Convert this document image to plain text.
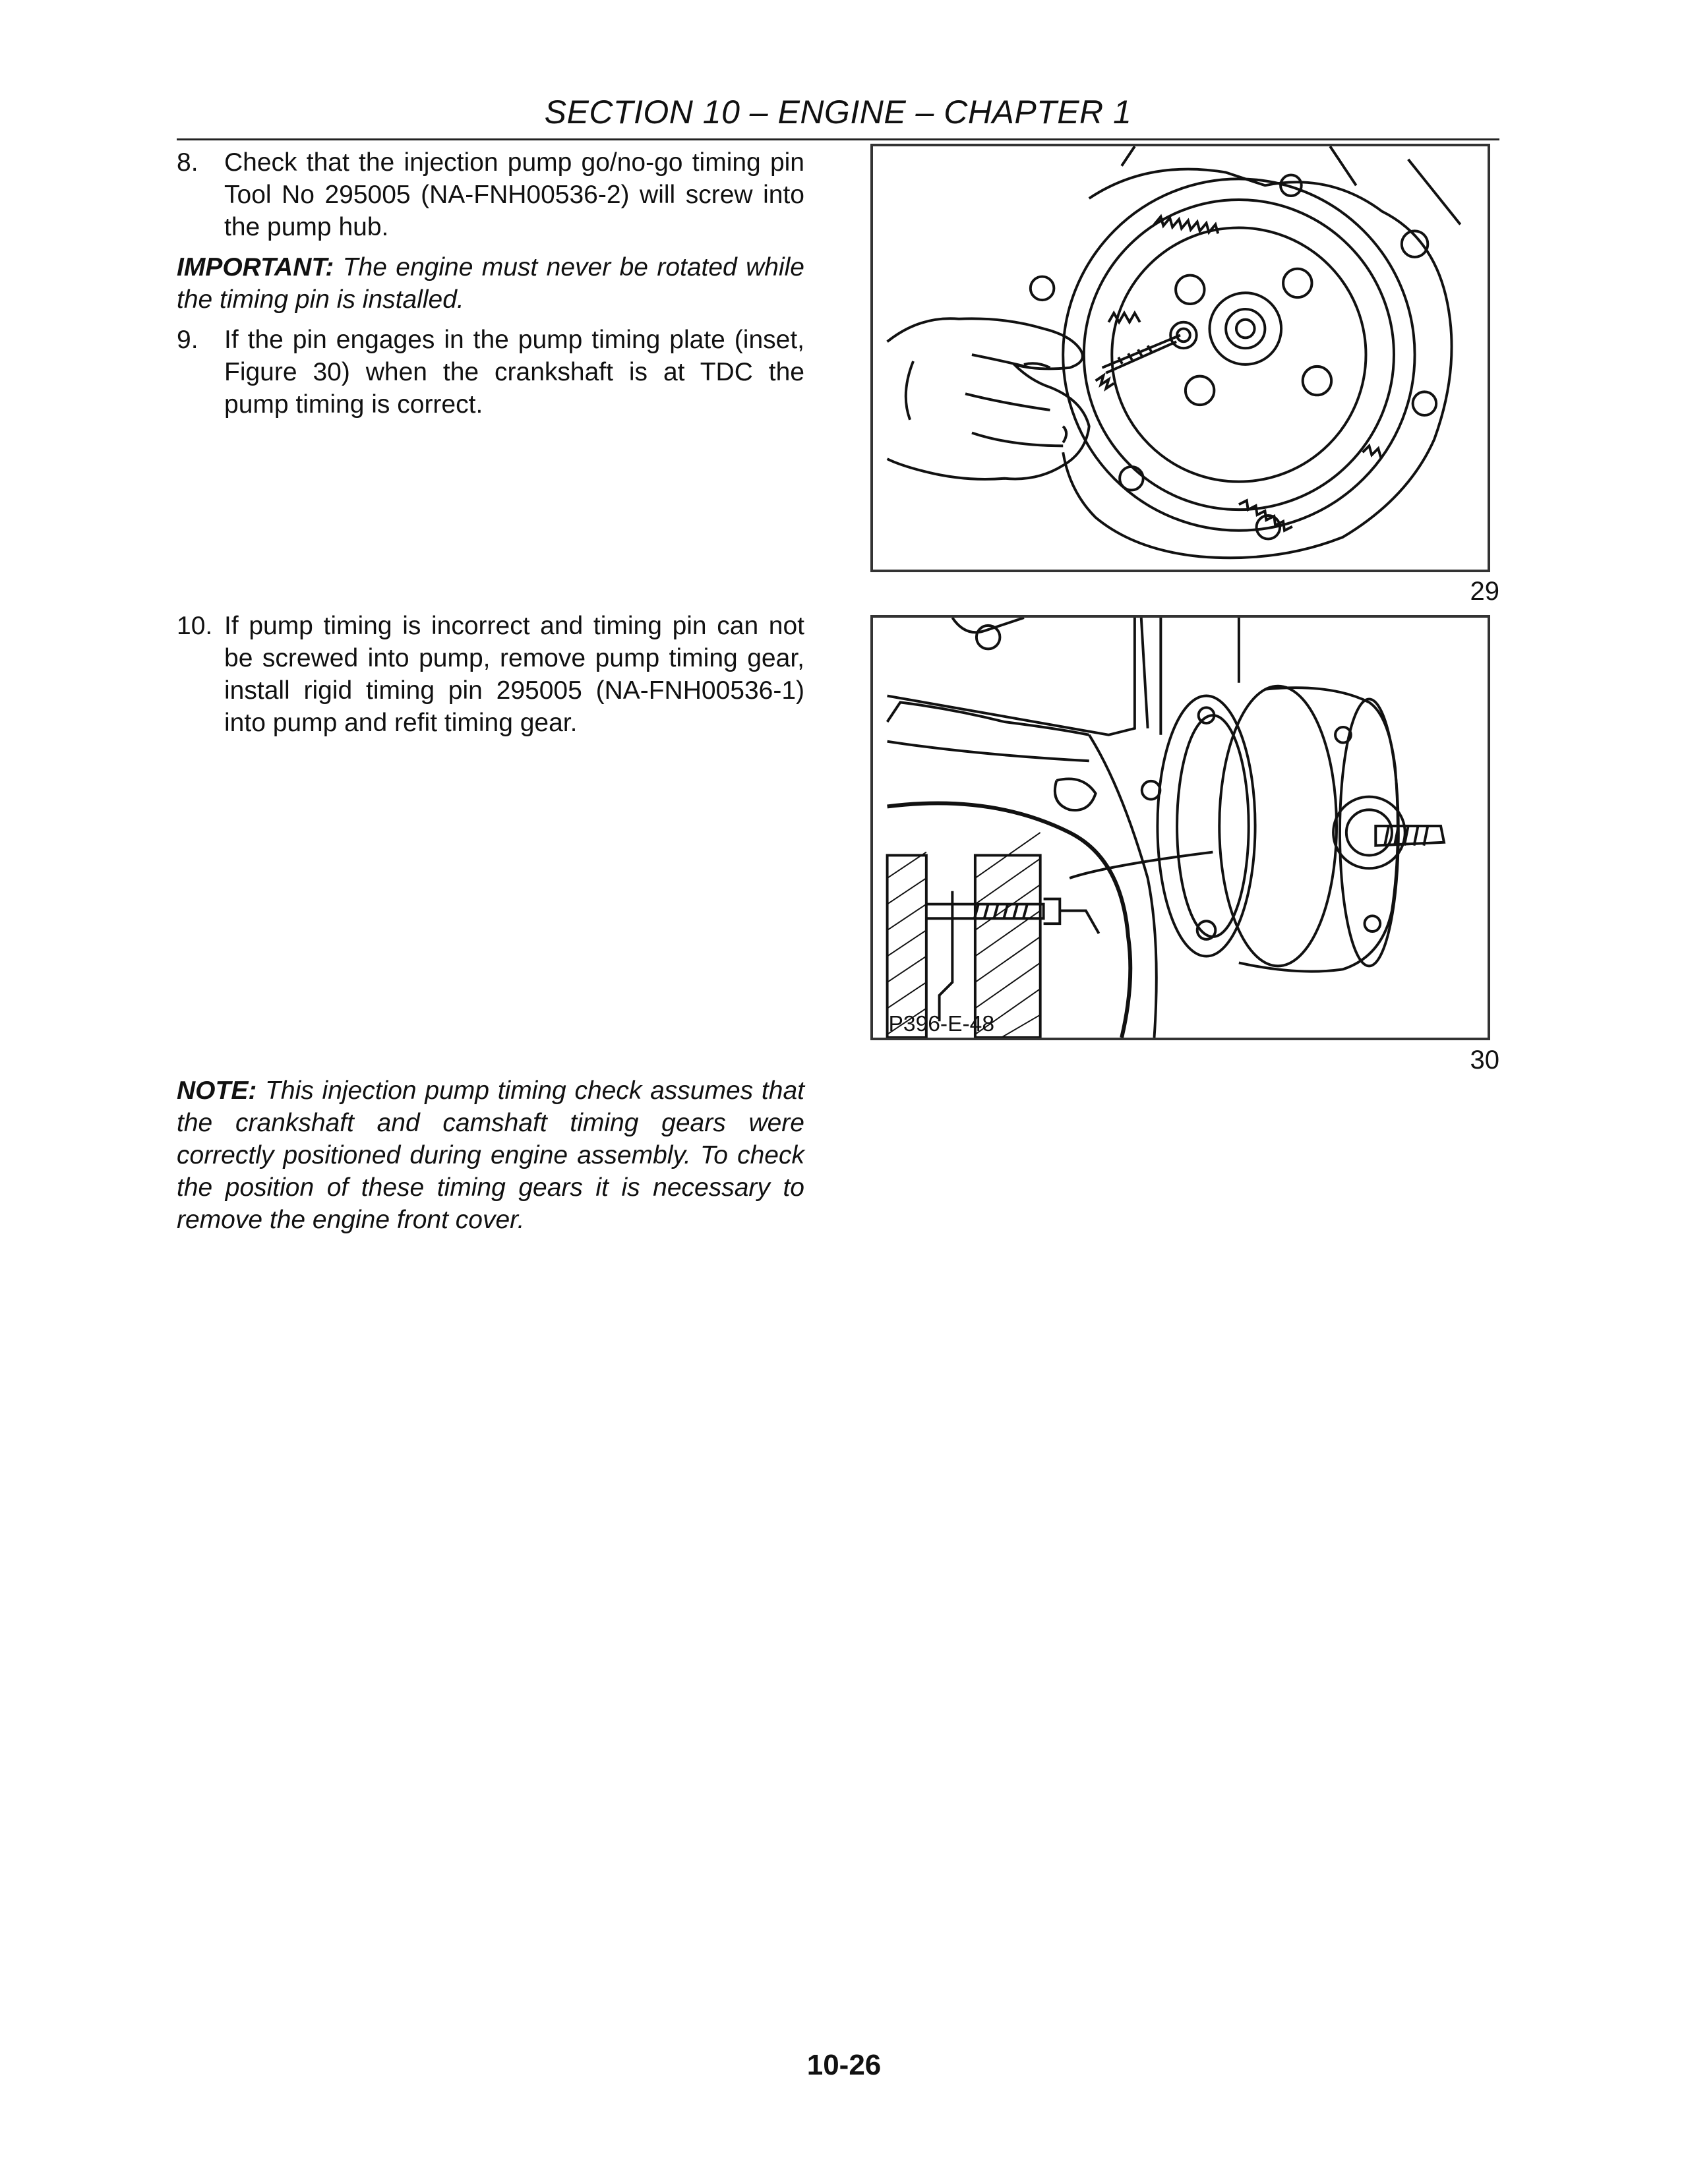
SECTION 10 – ENGINE – CHAPTER 1

8. Check that the injection pump go/no-go timing pin Tool No 295005 (NA-FNH00536-2) will screw into the pump hub.

IMPORTANT: The engine must never be rotated while the timing pin is installed.

9. If the pin engages in the pump timing plate (inset, Figure 30) when the crankshaft is at TDC the pump timing is correct.

10. If pump timing is incorrect and timing pin can not be screwed into pump, remove pump timing gear, install rigid timing pin 295005 (NA-FNH00536-1) into pump and refit timing gear.

NOTE: This injection pump timing check assumes that the crankshaft and camshaft timing gears were correctly positioned during engine assembly. To check the position of these timing gears it is necessary to remove the engine front cover.

29
P396-E-48
30
10-26
